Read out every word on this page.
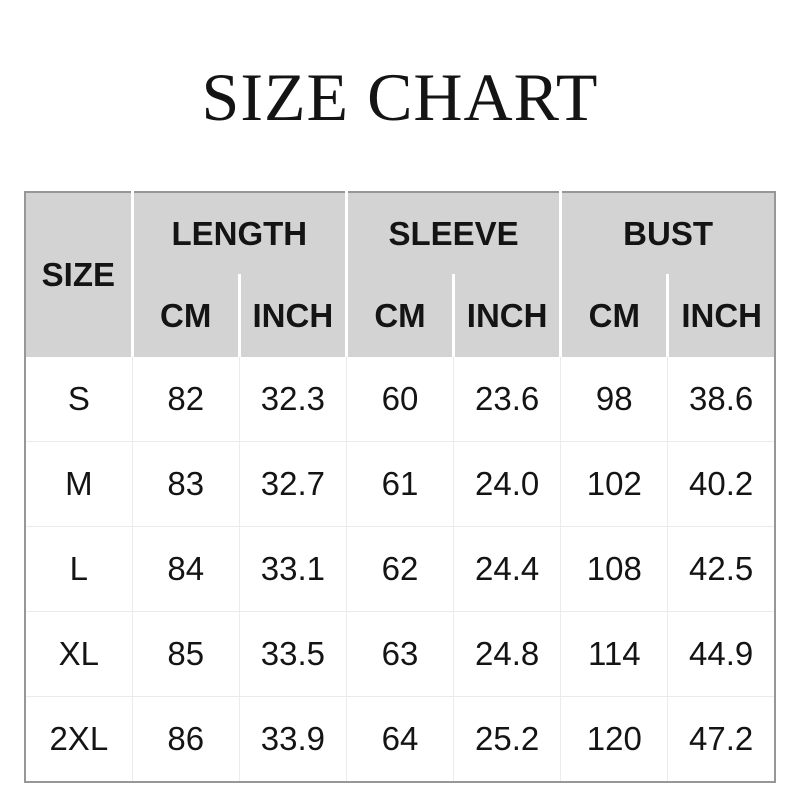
SIZE CHART
SIZE	LENGTH		SLEEVE		BUST	
	CM	INCH	CM	INCH	CM	INCH
S	82	32.3	60	23.6	98	38.6
M	83	32.7	61	24.0	102	40.2
L	84	33.1	62	24.4	108	42.5
XL	85	33.5	63	24.8	114	44.9
2XL	86	33.9	64	25.2	120	47.2
